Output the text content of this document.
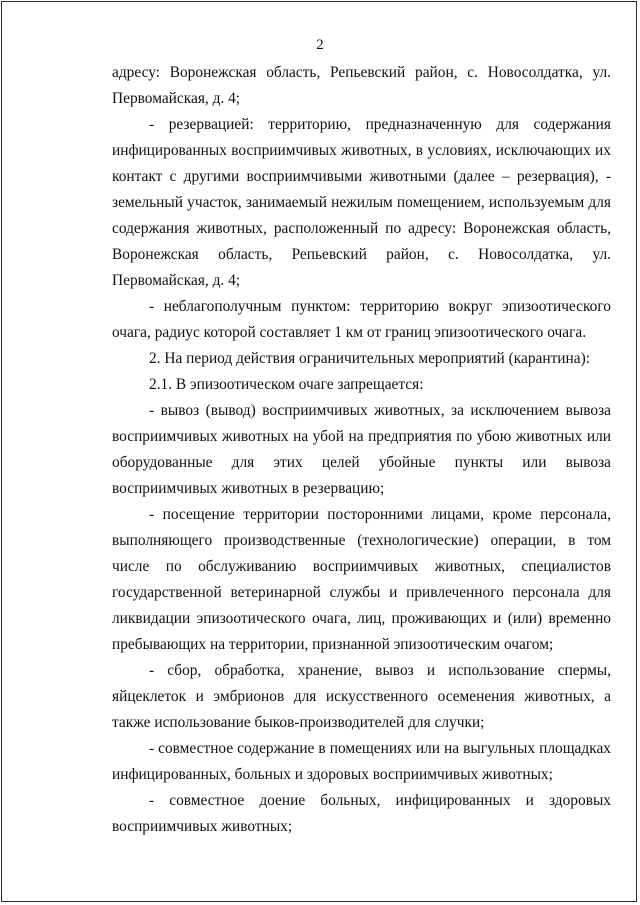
2

адресу: Воронежская область, Репьевский район, с. Новосолдатка, ул. Первомайская, д. 4;

- резервацией: территорию, предназначенную для содержания инфицированных восприимчивых животных, в условиях, исключающих их контакт с другими восприимчивыми животными (далее – резервация), - земельный участок, занимаемый нежилым помещением, используемым для содержания животных, расположенный по адресу: Воронежская область, Воронежская область, Репьевский район, с. Новосолдатка, ул. Первомайская, д. 4;

- неблагополучным пунктом: территорию вокруг эпизоотического очага, радиус которой составляет 1 км от границ эпизоотического очага.

2. На период действия ограничительных мероприятий (карантина):

2.1. В эпизоотическом очаге запрещается:

- вывоз (вывод) восприимчивых животных, за исключением вывоза восприимчивых животных на убой на предприятия по убою животных или оборудованные для этих целей убойные пункты или вывоза восприимчивых животных в резервацию;

- посещение территории посторонними лицами, кроме персонала, выполняющего производственные (технологические) операции, в том числе по обслуживанию восприимчивых животных, специалистов государственной ветеринарной службы и привлеченного персонала для ликвидации эпизоотического очага, лиц, проживающих и (или) временно пребывающих на территории, признанной эпизоотическим очагом;

- сбор, обработка, хранение, вывоз и использование спермы, яйцеклеток и эмбрионов для искусственного осеменения животных, а также использование быков-производителей для случки;

- совместное содержание в помещениях или на выгульных площадках инфицированных, больных и здоровых восприимчивых животных;

- совместное доение больных, инфицированных и здоровых восприимчивых животных;
